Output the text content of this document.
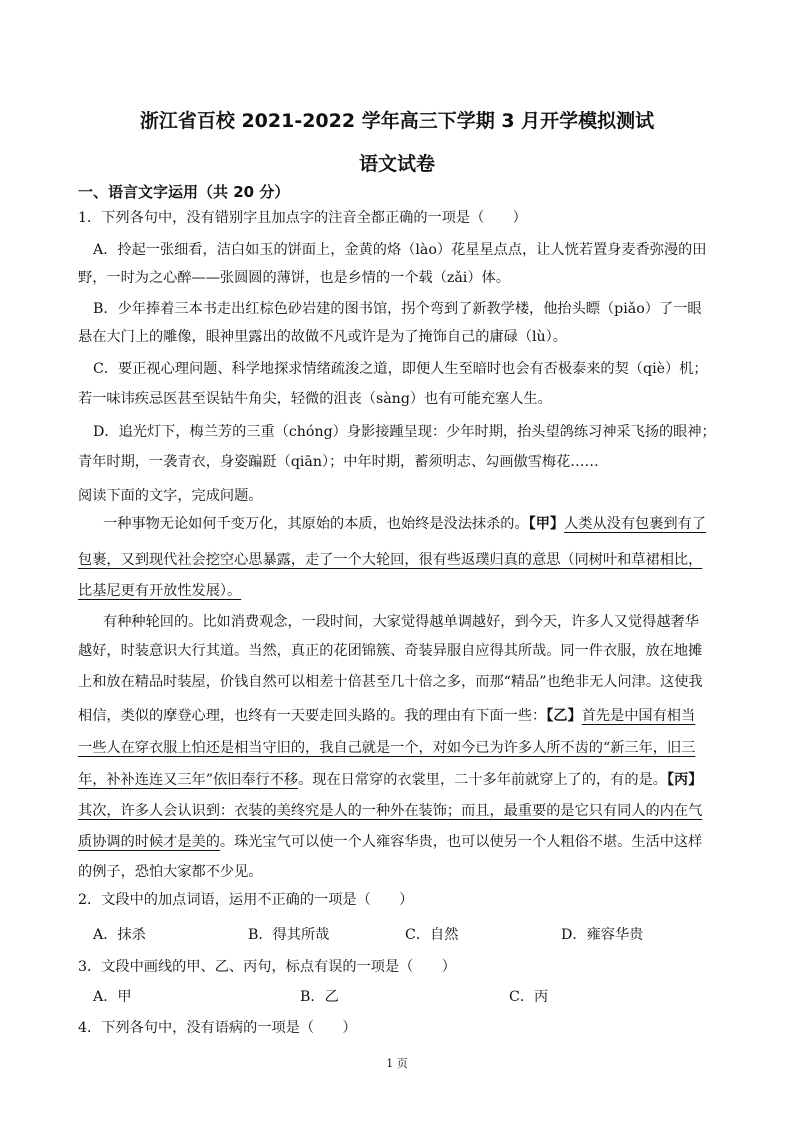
浙江省百校 2021-2022 学年高三下学期 3 月开学模拟测试
语文试卷
一、语言文字运用（共 20 分）
1．下列各句中，没有错别字且加点字的注音全都正确的一项是（　　）
A．拎起一张细看，洁白如玉的饼面上，金黄的烙（lào）花星星点点，让人恍若置身麦香弥漫的田
野，一时为之心醉——张圆圆的薄饼，也是乡情的一个载（zǎi）体。
B．少年捧着三本书走出红棕色砂岩建的图书馆，拐个弯到了新教学楼，他抬头瞟（piǎo）了一眼
悬在大门上的雕像，眼神里露出的故做不凡或许是为了掩饰自己的庸碌（lù）。
C．要正视心理问题、科学地探求情绪疏浚之道，即便人生至暗时也会有否极泰来的契（qiè）机；
若一味讳疾忌医甚至误钻牛角尖，轻微的沮丧（sàng）也有可能充塞人生。
D．追光灯下，梅兰芳的三重（chóng）身影接踵呈现：少年时期，抬头望鸽练习神采飞扬的眼神；
青年时期，一袭青衣，身姿蹁跹（qiān）；中年时期，蓄须明志、勾画傲雪梅花……
阅读下面的文字，完成问题。
一种事物无论如何千变万化，其原始的本质，也始终是没法抹杀的。【甲】人类从没有包裹到有了
包裹，又到现代社会挖空心思暴露，走了一个大轮回，很有些返璞归真的意思（同树叶和草裙相比，
比基尼更有开放性发展）。
有种种轮回的。比如消费观念，一段时间，大家觉得越单调越好，到今天，许多人又觉得越奢华
越好，时装意识大行其道。当然，真正的花团锦簇、奇装异服自应得其所哉。同一件衣服，放在地摊
上和放在精品时装屋，价钱自然可以相差十倍甚至几十倍之多，而那“精品”也绝非无人问津。这使我
相信，类似的摩登心理，也终有一天要走回头路的。我的理由有下面一些：【乙】首先是中国有相当
一些人在穿衣服上怕还是相当守旧的，我自己就是一个，对如今已为许多人所不齿的“新三年，旧三
年，补补连连又三年”依旧奉行不移。现在日常穿的衣裳里，二十多年前就穿上了的，有的是。【丙】
其次，许多人会认识到：衣装的美终究是人的一种外在装饰；而且，最重要的是它只有同人的内在气
质协调的时候才是美的。珠光宝气可以使一个人雍容华贵，也可以使另一个人粗俗不堪。生活中这样
的例子，恐怕大家都不少见。
2．文段中的加点词语，运用不正确的一项是（　　）
A．抹杀	B．得其所哉	C．自然	D．雍容华贵
3．文段中画线的甲、乙、丙句，标点有误的一项是（　　）
A．甲	B．乙	C．丙
4．下列各句中，没有语病的一项是（　　）
1 页
